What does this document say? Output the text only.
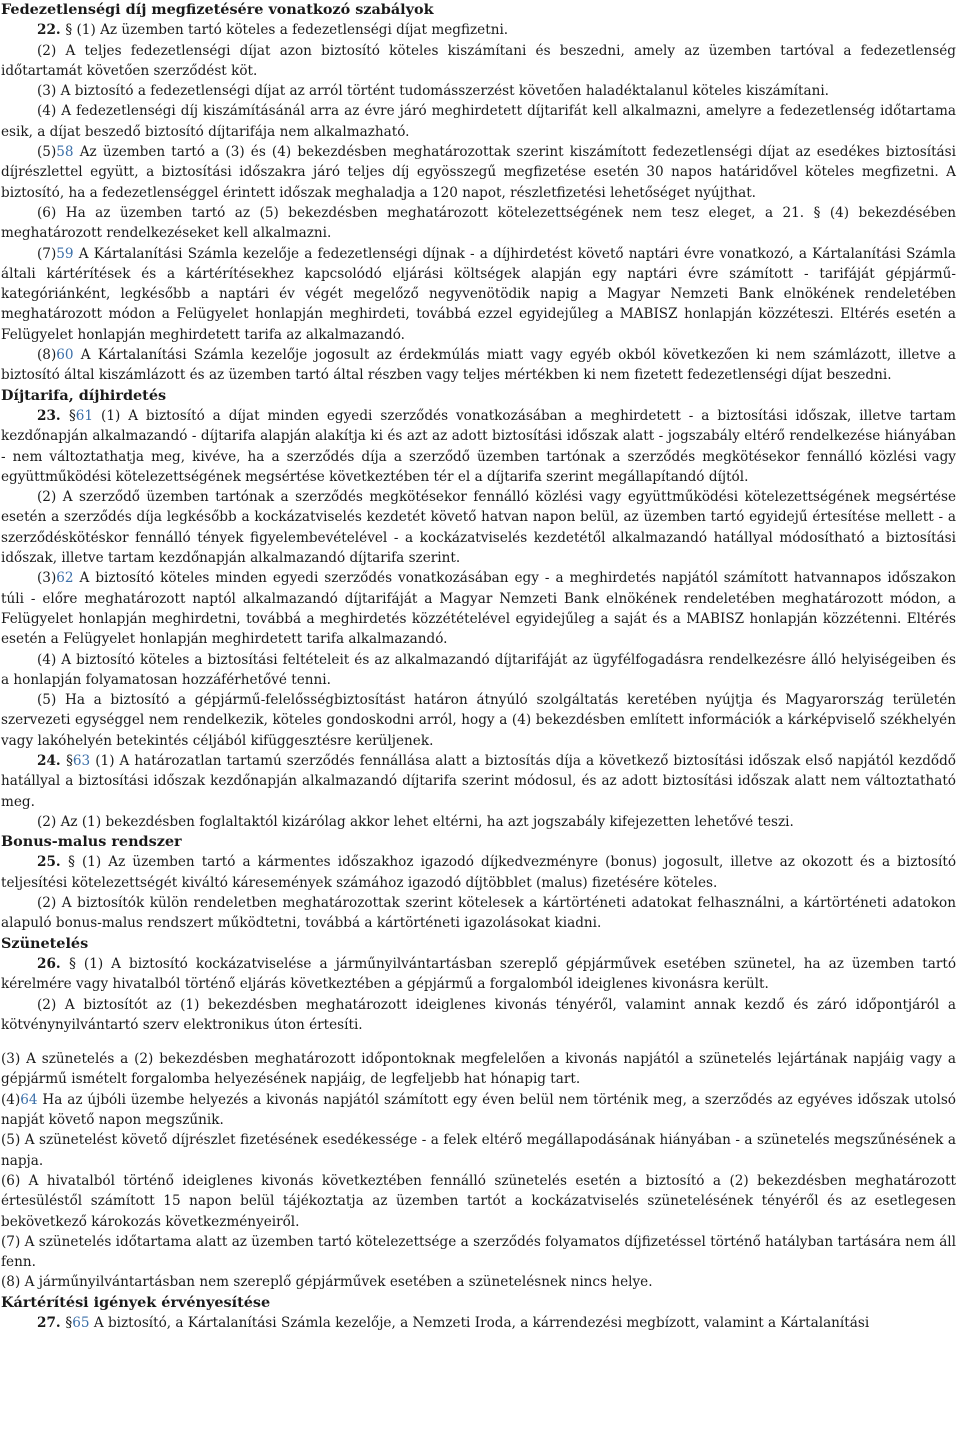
Fedezetlenségi díj megfizetésére vonatkozó szabályok

22. § (1) Az üzemben tartó köteles a fedezetlenségi díjat megfizetni.

(2) A teljes fedezetlenségi díjat azon biztosító köteles kiszámítani és beszedni, amely az üzemben tartóval a fedezetlenség időtartamát követően szerződést köt.

(3) A biztosító a fedezetlenségi díjat az arról történt tudomásszerzést követően haladéktalanul köteles kiszámítani.

(4) A fedezetlenségi díj kiszámításánál arra az évre járó meghirdetett díjtarifát kell alkalmazni, amelyre a fedezetlenség időtartama esik, a díjat beszedő biztosító díjtarifája nem alkalmazható.

(5)58 Az üzemben tartó a (3) és (4) bekezdésben meghatározottak szerint kiszámított fedezetlenségi díjat az esedékes biztosítási díjrészlettel együtt, a biztosítási időszakra járó teljes díj egyösszegű megfizetése esetén 30 napos határidővel köteles megfizetni. A biztosító, ha a fedezetlenséggel érintett időszak meghaladja a 120 napot, részletfizetési lehetőséget nyújthat.

(6) Ha az üzemben tartó az (5) bekezdésben meghatározott kötelezettségének nem tesz eleget, a 21. § (4) bekezdésében meghatározott rendelkezéseket kell alkalmazni.

(7)59 A Kártalanítási Számla kezelője a fedezetlenségi díjnak - a díjhirdetést követő naptári évre vonatkozó, a Kártalanítási Számla általi kártérítések és a kártérítésekhez kapcsolódó eljárási költségek alapján egy naptári évre számított - tarifáját gépjármű-kategóriánként, legkésőbb a naptári év végét megelőző negyvenötödik napig a Magyar Nemzeti Bank elnökének rendeletében meghatározott módon a Felügyelet honlapján meghirdeti, továbbá ezzel egyidejűleg a MABISZ honlapján közzéteszi. Eltérés esetén a Felügyelet honlapján meghirdetett tarifa az alkalmazandó.

(8)60 A Kártalanítási Számla kezelője jogosult az érdekmúlás miatt vagy egyéb okból következően ki nem számlázott, illetve a biztosító által kiszámlázott és az üzemben tartó által részben vagy teljes mértékben ki nem fizetett fedezetlenségi díjat beszedni.

Díjtarifa, díjhirdetés

23. §61 (1) A biztosító a díjat minden egyedi szerződés vonatkozásában a meghirdetett - a biztosítási időszak, illetve tartam kezdőnapján alkalmazandó - díjtarifa alapján alakítja ki és azt az adott biztosítási időszak alatt - jogszabály eltérő rendelkezése hiányában - nem változtathatja meg, kivéve, ha a szerződés díja a szerződő üzemben tartónak a szerződés megkötésekor fennálló közlési vagy együttműködési kötelezettségének megsértése következtében tér el a díjtarifa szerint megállapítandó díjtól.

(2) A szerződő üzemben tartónak a szerződés megkötésekor fennálló közlési vagy együttműködési kötelezettségének megsértése esetén a szerződés díja legkésőbb a kockázatviselés kezdetét követő hatvan napon belül, az üzemben tartó egyidejű értesítése mellett - a szerződéskötéskor fennálló tények figyelembevételével - a kockázatviselés kezdetétől alkalmazandó hatállyal módosítható a biztosítási időszak, illetve tartam kezdőnapján alkalmazandó díjtarifa szerint.

(3)62 A biztosító köteles minden egyedi szerződés vonatkozásában egy - a meghirdetés napjától számított hatvannapos időszakon túli - előre meghatározott naptól alkalmazandó díjtarifáját a Magyar Nemzeti Bank elnökének rendeletében meghatározott módon, a Felügyelet honlapján meghirdetni, továbbá a meghirdetés közzétételével egyidejűleg a saját és a MABISZ honlapján közzétenni. Eltérés esetén a Felügyelet honlapján meghirdetett tarifa alkalmazandó.

(4) A biztosító köteles a biztosítási feltételeit és az alkalmazandó díjtarifáját az ügyfélfogadásra rendelkezésre álló helyiségeiben és a honlapján folyamatosan hozzáférhetővé tenni.

(5) Ha a biztosító a gépjármű-felelősségbiztosítást határon átnyúló szolgáltatás keretében nyújtja és Magyarország területén szervezeti egységgel nem rendelkezik, köteles gondoskodni arról, hogy a (4) bekezdésben említett információk a kárképviselő székhelyén vagy lakóhelyén betekintés céljából kifüggesztésre kerüljenek.

24. §63 (1) A határozatlan tartamú szerződés fennállása alatt a biztosítás díja a következő biztosítási időszak első napjától kezdődő hatállyal a biztosítási időszak kezdőnapján alkalmazandó díjtarifa szerint módosul, és az adott biztosítási időszak alatt nem változtatható meg.

(2) Az (1) bekezdésben foglaltaktól kizárólag akkor lehet eltérni, ha azt jogszabály kifejezetten lehetővé teszi.

Bonus-malus rendszer

25. § (1) Az üzemben tartó a kármentes időszakhoz igazodó díjkedvezményre (bonus) jogosult, illetve az okozott és a biztosító teljesítési kötelezettségét kiváltó káresemények számához igazodó díjtöbblet (malus) fizetésére köteles.

(2) A biztosítók külön rendeletben meghatározottak szerint kötelesek a kártörténeti adatokat felhasználni, a kártörténeti adatokon alapuló bonus-malus rendszert működtetni, továbbá a kártörténeti igazolásokat kiadni.

Szünetelés

26. § (1) A biztosító kockázatviselése a járműnyilvántartásban szereplő gépjárművek esetében szünetel, ha az üzemben tartó kérelmére vagy hivatalból történő eljárás következtében a gépjármű a forgalomból ideiglenes kivonásra került.

(2) A biztosítót az (1) bekezdésben meghatározott ideiglenes kivonás tényéről, valamint annak kezdő és záró időpontjáról a kötvénynyilvántartó szerv elektronikus úton értesíti.

(3) A szünetelés a (2) bekezdésben meghatározott időpontoknak megfelelően a kivonás napjától a szünetelés lejártának napjáig vagy a gépjármű ismételt forgalomba helyezésének napjáig, de legfeljebb hat hónapig tart.

(4)64 Ha az újbóli üzembe helyezés a kivonás napjától számított egy éven belül nem történik meg, a szerződés az egyéves időszak utolsó napját követő napon megszűnik.

(5) A szünetelést követő díjrészlet fizetésének esedékessége - a felek eltérő megállapodásának hiányában - a szünetelés megszűnésének a napja.

(6) A hivatalból történő ideiglenes kivonás következtében fennálló szünetelés esetén a biztosító a (2) bekezdésben meghatározott értesüléstől számított 15 napon belül tájékoztatja az üzemben tartót a kockázatviselés szünetelésének tényéről és az esetlegesen bekövetkező károkozás következményeiről.

(7) A szünetelés időtartama alatt az üzemben tartó kötelezettsége a szerződés folyamatos díjfizetéssel történő hatályban tartására nem áll fenn.

(8) A járműnyilvántartásban nem szereplő gépjárművek esetében a szünetelésnek nincs helye.

Kártérítési igények érvényesítése

27. §65 A biztosító, a Kártalanítási Számla kezelője, a Nemzeti Iroda, a kárrendezési megbízott, valamint a Kártalanítási
